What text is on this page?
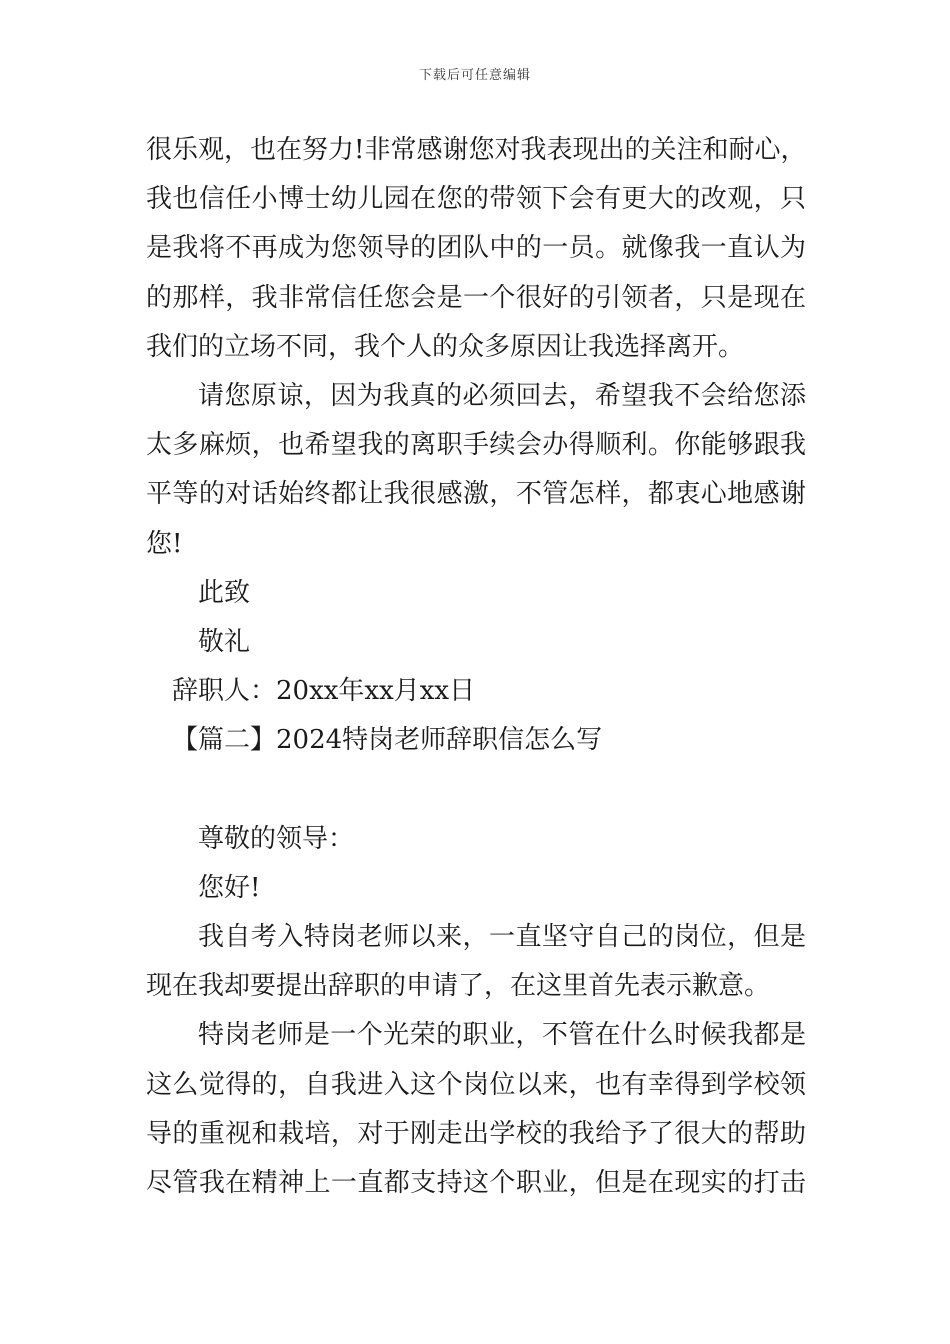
下载后可任意编辑
很乐观，也在努力!非常感谢您对我表现出的关注和耐心，
我也信任小博士幼儿园在您的带领下会有更大的改观，只
是我将不再成为您领导的团队中的一员。就像我一直认为
的那样，我非常信任您会是一个很好的引领者，只是现在
我们的立场不同，我个人的众多原因让我选择离开。
请您原谅，因为我真的必须回去，希望我不会给您添
太多麻烦，也希望我的离职手续会办得顺利。你能够跟我
平等的对话始终都让我很感激，不管怎样，都衷心地感谢
您!
此致
敬礼
辞职人：20xx年xx月xx日
【篇二】2024特岗老师辞职信怎么写
尊敬的领导：
您好!
我自考入特岗老师以来，一直坚守自己的岗位，但是
现在我却要提出辞职的申请了，在这里首先表示歉意。
特岗老师是一个光荣的职业，不管在什么时候我都是
这么觉得的，自我进入这个岗位以来，也有幸得到学校领
导的重视和栽培，对于刚走出学校的我给予了很大的帮助
尽管我在精神上一直都支持这个职业，但是在现实的打击
